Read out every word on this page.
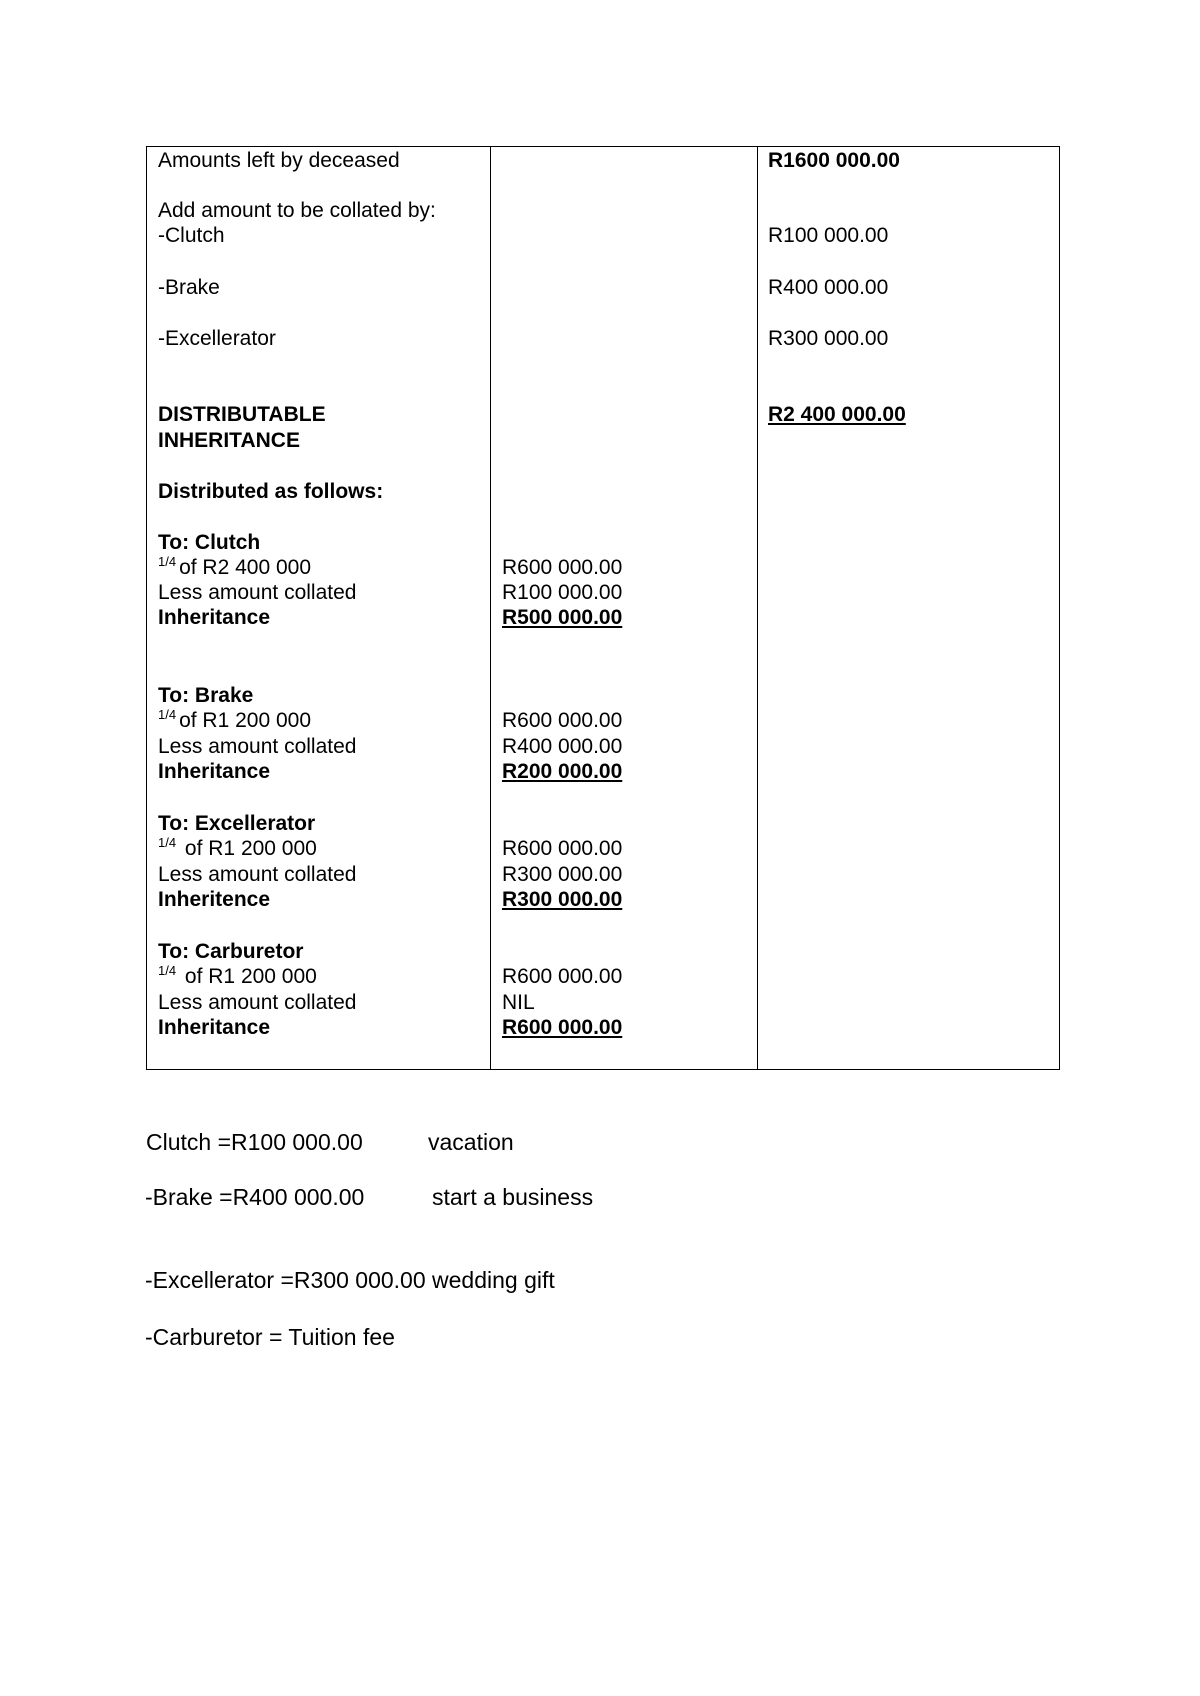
Amounts left by deceased
Add amount to be collated by:
-Clutch
-Brake
-Excellerator
DISTRIBUTABLE
INHERITANCE
Distributed as follows:
To: Clutch
$^{1/4}$ of R2 400 000
Less amount collated
Inheritance
To: Brake
$^{1/4}$ of R1 200 000
Less amount collated
Inheritance
To: Excellerator
$^{1/4}$ of R1 200 000
Less amount collated
Inheritence
To: Carburetor
$^{1/4}$ of R1 200 000
Less amount collated
Inheritance
R600 000.00
R100 000.00
R500 000.00
R600 000.00
R400 000.00
R200 000.00
R600 000.00
R300 000.00
R300 000.00
R600 000.00
NIL
R600 000.00
R1600 000.00
R100 000.00
R400 000.00
R300 000.00
R2 400 000.00
Clutch =R100 000.00	vacation
-Brake =R400 000.00	start a business
-Excellerator =R300 000.00 wedding gift
-Carburetor = Tuition fee
